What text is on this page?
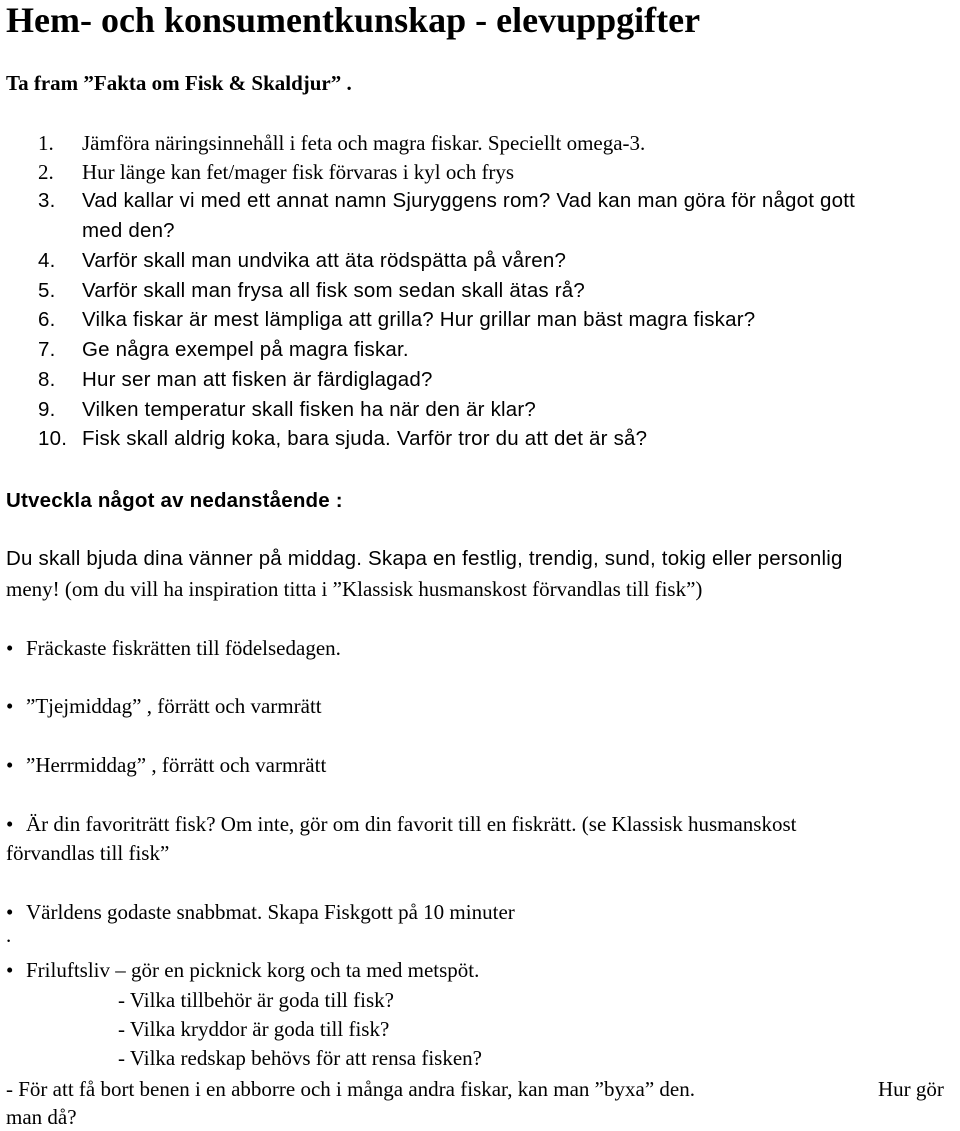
Hem- och konsumentkunskap - elevuppgifter
Ta fram ”Fakta om Fisk & Skaldjur” .
1. Jämföra näringsinnehåll i feta och magra fiskar. Speciellt omega-3.
2. Hur länge kan fet/mager fisk förvaras i kyl och frys
3. Vad kallar vi med ett annat namn Sjuryggens rom? Vad kan man göra för något gott
med den?
4. Varför skall man undvika att äta rödspätta på våren?
5. Varför skall man frysa all fisk som sedan skall ätas rå?
6. Vilka fiskar är mest lämpliga att grilla? Hur grillar man bäst magra fiskar?
7. Ge några exempel på magra fiskar.
8. Hur ser man att fisken är färdiglagad?
9. Vilken temperatur skall fisken ha när den är klar?
10. Fisk skall aldrig koka, bara sjuda. Varför tror du att det är så?
Utveckla något av nedanstående :
Du skall bjuda dina vänner på middag. Skapa en festlig, trendig, sund, tokig eller personlig
meny! (om du vill ha inspiration titta i ”Klassisk husmanskost förvandlas till fisk”)
• Fräckaste fiskrätten till födelsedagen.
• ”Tjejmiddag” , förrätt och varmrätt
• ”Herrmiddag” , förrätt och varmrätt
• Är din favoriträtt fisk? Om inte, gör om din favorit till en fiskrätt. (se Klassisk husmanskost
förvandlas till fisk”
• Världens godaste snabbmat. Skapa Fiskgott på 10 minuter
.
• Friluftsliv – gör en picknick korg och ta med metspöt.
- Vilka tillbehör är goda till fisk?
- Vilka kryddor är goda till fisk?
- Vilka redskap behövs för att rensa fisken?
- För att få bort benen i en abborre och i många andra fiskar, kan man ”byxa” den.	Hur gör
man då?
